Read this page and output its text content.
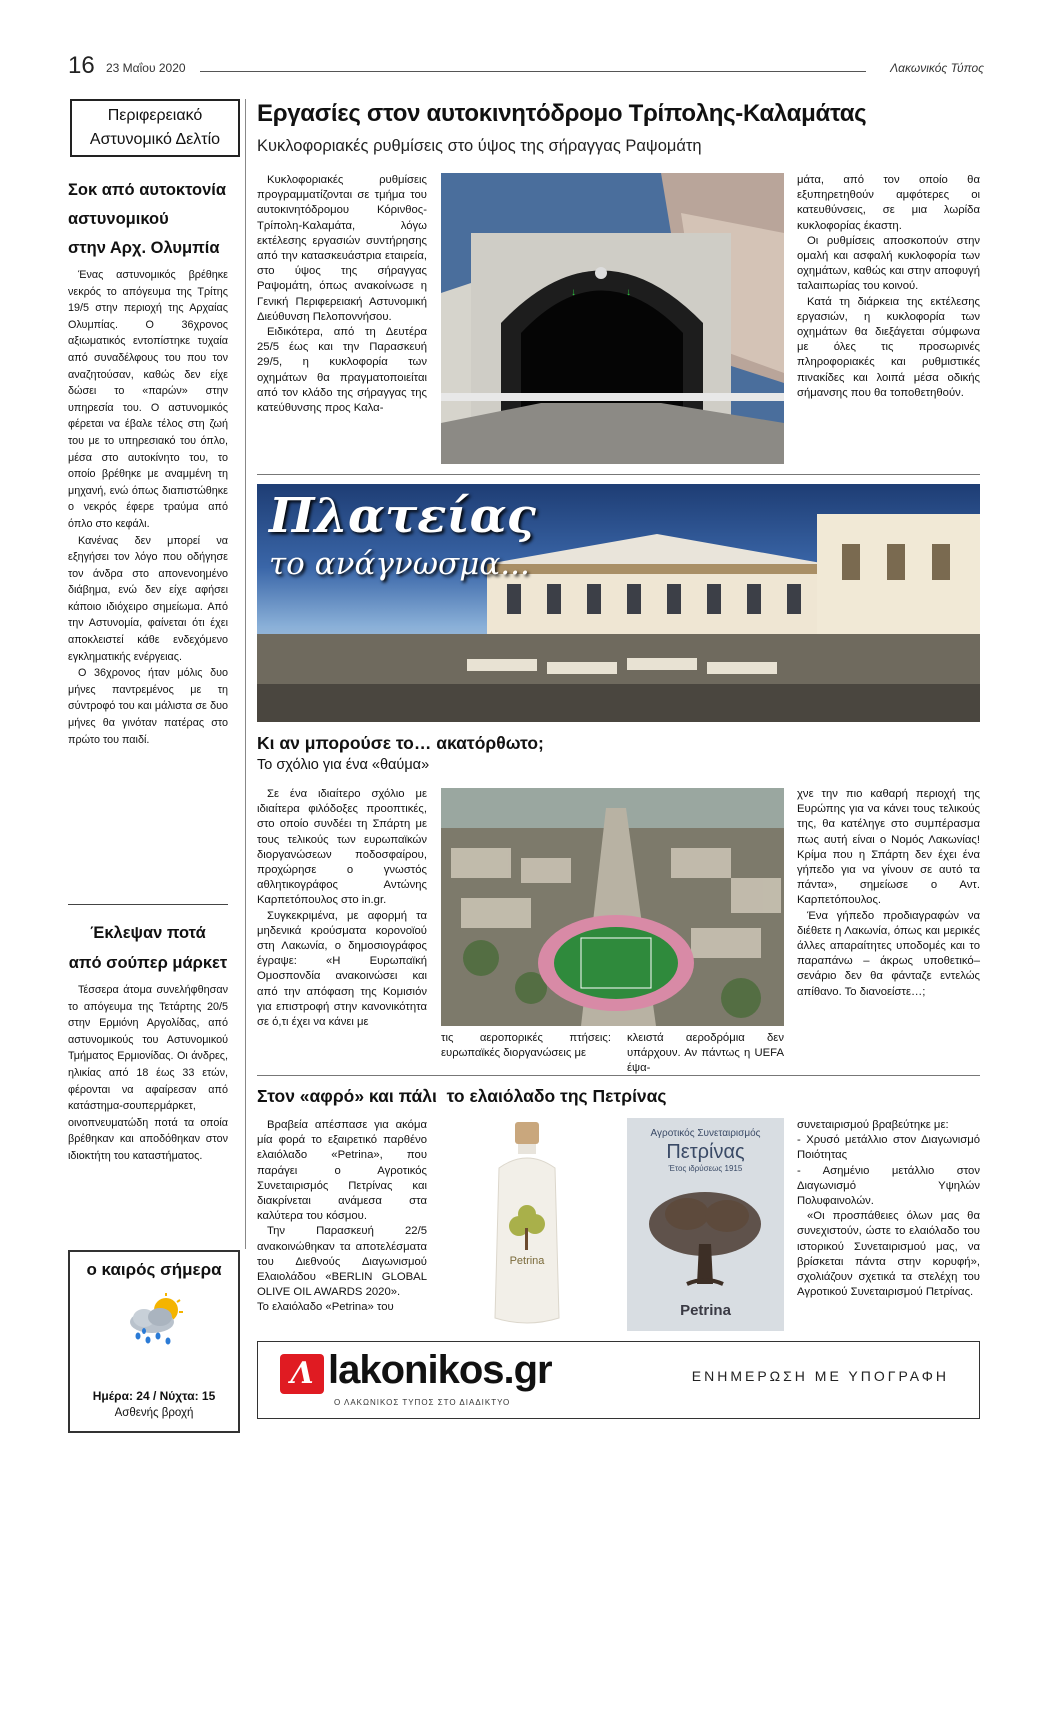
16 23 Μαΐου 2020	Λακωνικός Τύπος
Περιφερειακό
Αστυνομικό Δελτίο
Σοκ από αυτοκτονία
αστυνομικού
στην Αρχ. Ολυμπία

Ένας αστυνομικός βρέθηκε νεκρός το απόγευμα της Τρίτης 19/5 στην περιοχή της Αρχαίας Ολυμπίας. Ο 36χρονος αξιωματικός εντοπίστηκε τυχαία από συναδέλφους του που τον αναζητούσαν, καθώς δεν είχε δώσει το «παρών» στην υπηρεσία του. Ο αστυνομικός φέρεται να έβαλε τέλος στη ζωή του με το υπηρεσιακό του όπλο, μέσα στο αυτοκίνητο του, το οποίο βρέθηκε με αναμμένη τη μηχανή, ενώ όπως διαπιστώθηκε ο νεκρός έφερε τραύμα από όπλο στο κεφάλι.

Κανένας δεν μπορεί να εξηγήσει τον λόγο που οδήγησε τον άνδρα στο απονενοημένο διάβημα, ενώ δεν είχε αφήσει κάποιο ιδιόχειρο σημείωμα. Από την Αστυνομία, φαίνεται ότι έχει αποκλειστεί κάθε ενδεχόμενο εγκληματικής ενέργειας.

Ο 36χρονος ήταν μόλις δυο μήνες παντρεμένος με τη σύντροφό του και μάλιστα σε δυο μήνες θα γινόταν πατέρας στο πρώτο του παιδί.

Έκλεψαν ποτά
από σούπερ μάρκετ

Τέσσερα άτομα συνελήφθησαν το απόγευμα της Τετάρτης 20/5 στην Ερμιόνη Αργολίδας, από αστυνομικούς του Αστυνομικού Τμήματος Ερμιονίδας. Οι άνδρες, ηλικίας από 18 έως 33 ετών, φέρονται να αφαίρεσαν από κατάστημα-σουπερμάρκετ, οινοπνευματώδη ποτά τα οποία βρέθηκαν και αποδόθηκαν στον ιδιοκτήτη του καταστήματος.

ο καιρός σήμερα
Ημέρα: 24 / Νύχτα: 15
Ασθενής βροχή
Εργασίες στον αυτοκινητόδρομο Τρίπολης-Καλαμάτας
Κυκλοφοριακές ρυθμίσεις στο ύψος της σήραγγας Ραψομάτη

Κυκλοφοριακές ρυθμίσεις προγραμματίζονται σε τμήμα του αυτοκινητόδρομου Κόρινθος-Τρίπολη-Καλαμάτα, λόγω εκτέλεσης εργασιών συντήρησης από την κατασκευάστρια εταιρεία, στο ύψος της σήραγγας Ραψομάτη, όπως ανακοίνωσε η Γενική Περιφερειακή Αστυνομική Διεύθυνση Πελοποννήσου.

Ειδικότερα, από τη Δευτέρα 25/5 έως και την Παρασκευή 29/5, η κυκλοφορία των οχημάτων θα πραγματοποιείται από τον κλάδο της σήραγγας της κατεύθυνσης προς Καλα-

↓	↓

μάτα, από τον οποίο θα εξυπηρετηθούν αμφότερες οι κατευθύνσεις, σε μια λωρίδα κυκλοφορίας έκαστη.

Οι ρυθμίσεις αποσκοπούν στην ομαλή και ασφαλή κυκλοφορία των οχημάτων, καθώς και στην αποφυγή ταλαιπωρίας του κοινού.

Κατά τη διάρκεια της εκτέλεσης εργασιών, η κυκλοφορία των οχημάτων θα διεξάγεται σύμφωνα με όλες τις προσωρινές πληροφοριακές και ρυθμιστικές πινακίδες και λοιπά μέσα οδικής σήμανσης που θα τοποθετηθούν.

Πλατείας
το ανάγνωσμα...
Κι αν μπορούσε το… ακατόρθωτο;
Το σχόλιο για ένα «θαύμα»

Σε ένα ιδιαίτερο σχόλιο με ιδιαίτερα φιλόδοξες προοπτικές, στο οποίο συνδέει τη Σπάρτη με τους τελικούς των ευρωπαϊκών διοργανώσεων ποδοσφαίρου, προχώρησε ο γνωστός αθλητικογράφος Αντώνης Καρπετόπουλος στο in.gr.

Συγκεκριμένα, με αφορμή τα μηδενικά κρούσματα κορονοϊού στη Λακωνία, ο δημοσιογράφος έγραψε: «Η Ευρωπαϊκή Ομοσπονδία ανακοινώσει και από την απόφαση της Κομισιόν για επιστροφή στην κανονικότητα σε ό,τι έχει να κάνει με

τις αεροπορικές πτήσεις: ευρωπαϊκές διοργανώσεις με

κλειστά αεροδρόμια δεν υπάρχουν. Αν πάντως η UEFA έψα-

χνε την πιο καθαρή περιοχή της Ευρώπης για να κάνει τους τελικούς της, θα κατέληγε στο συμπέρασμα πως αυτή είναι ο Νομός Λακωνίας! Κρίμα που η Σπάρτη δεν έχει ένα γήπεδο για να γίνουν σε αυτό τα πάντα», σημείωσε ο Αντ. Καρπετόπουλος.

Ένα γήπεδο προδιαγραφών να διέθετε η Λακωνία, όπως και μερικές άλλες απαραίτητες υποδομές και το παραπάνω – άκρως υποθετικό– σενάριο δεν θα φάνταζε εντελώς απίθανο. Το διανοείστε…;

Στον «αφρό» και πάλι  το ελαιόλαδο της Πετρίνας

Βραβεία απέσπασε για ακόμα μία φορά το εξαιρετικό παρθένο ελαιόλαδο «Petrina», που παράγει ο Αγροτικός Συνεταιρισμός Πετρίνας και διακρίνεται ανάμεσα στα καλύτερα του κόσμου.

Την Παρασκευή 22/5 ανακοινώθηκαν τα αποτελέσματα του Διεθνούς Διαγωνισμού Ελαιολάδου «BERLIN GLOBAL OLIVE OIL AWARDS 2020».

Το ελαιόλαδο «Petrina» του

Petrina
Αγροτικός Συνεταιρισμός
Πετρίνας
Έτος ιδρύσεως 1915
Petrina

συνεταιρισμού βραβεύτηκε με:

- Χρυσό μετάλλιο στον Διαγωνισμό Ποιότητας

- Ασημένιο μετάλλιο στον Διαγωνισμό Υψηλών Πολυφαινολών.

«Οι προσπάθειες όλων μας θα συνεχιστούν, ώστε το ελαιόλαδο του ιστορικού Συνεταιρισμού μας, να βρίσκεται πάντα στην κορυφή», σχολιάζουν σχετικά τα στελέχη του Αγροτικού Συνεταιρισμού Πετρίνας.

Λ lakonikos.gr
Ο ΛΑΚΩΝΙΚΟΣ ΤΥΠΟΣ ΣΤΟ ΔΙΑΔΙΚΤΥΟ
ΕΝΗΜΕΡΩΣΗ ΜΕ ΥΠΟΓΡΑΦΗ
